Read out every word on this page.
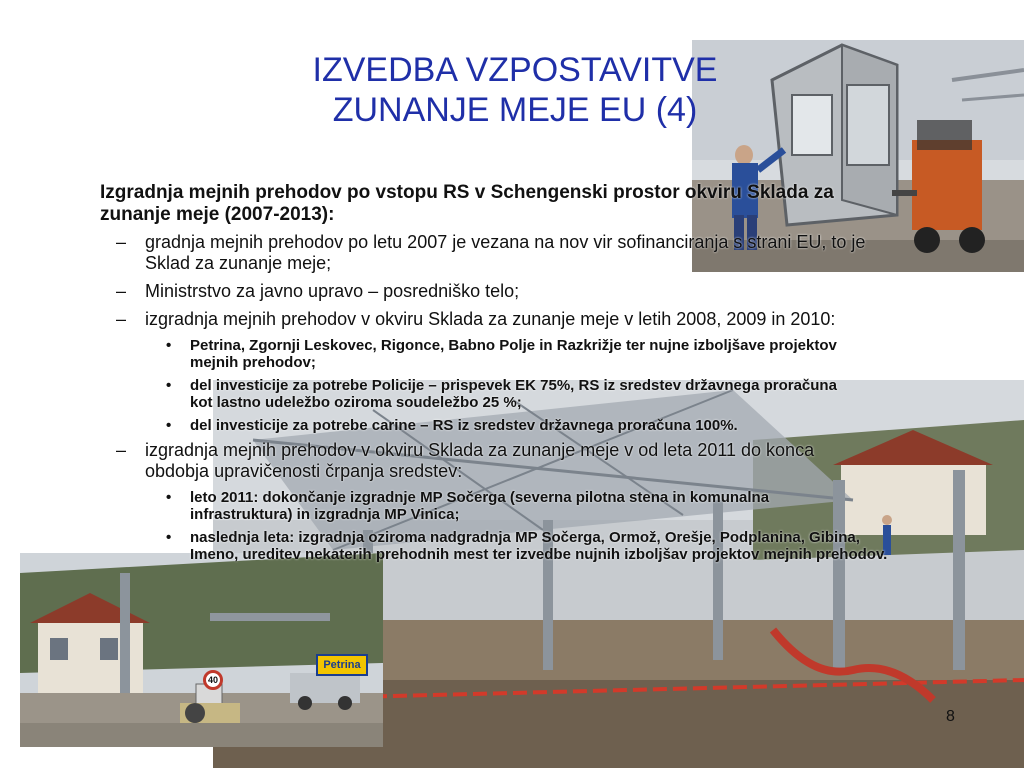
Petrina
40
IZVEDBA VZPOSTAVITVE
ZUNANJE MEJE EU (4)

Izgradnja mejnih prehodov po vstopu RS v Schengenski prostor okviru Sklada za zunanje meje (2007-2013):

– gradnja mejnih prehodov po letu 2007 je vezana na nov vir sofinanciranja s strani EU, to je Sklad za zunanje meje;

– Ministrstvo za javno upravo – posredniško telo;

– izgradnja mejnih prehodov v okviru Sklada za zunanje meje v letih 2008, 2009 in 2010:

• Petrina, Zgornji Leskovec, Rigonce, Babno Polje in Razkrižje ter nujne izboljšave projektov mejnih prehodov;

• del investicije za potrebe Policije – prispevek EK 75%, RS iz sredstev državnega proračuna kot lastno udeležbo oziroma soudeležbo 25 %;

• del investicije za potrebe carine – RS iz sredstev državnega proračuna 100%.

– izgradnja mejnih prehodov v okviru Sklada za zunanje meje v od leta 2011 do konca obdobja upravičenosti črpanja sredstev:

• leto 2011: dokončanje izgradnje MP Sočerga (severna pilotna stena in komunalna infrastruktura) in izgradnja MP Vinica;

• naslednja leta: izgradnja oziroma nadgradnja MP Sočerga, Ormož, Orešje, Podplanina, Gibina, Imeno, ureditev nekaterih prehodnih mest ter izvedbe nujnih izboljšav projektov mejnih prehodov.

8
